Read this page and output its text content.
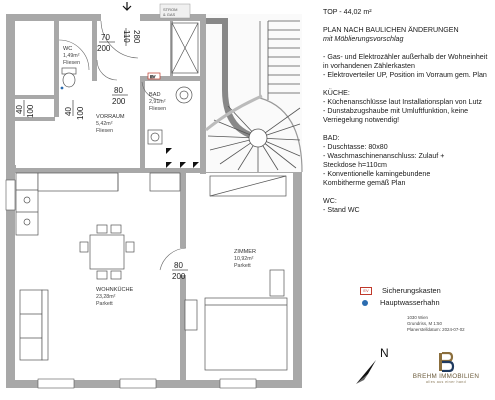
STROM
& GAS
EV
70
200
110 280
80
200
40 100	40 100
80
200
WC
1,49m²
Fliesen
VORRAUM
5,42m²
Fliesen
BAD
2,91m²
Fliesen
WOHNKÜCHE
23,28m²
Parkett
ZIMMER
10,92m²
Parkett
TOP - 44,02 m²
PLAN NACH BAULICHEN ÄNDERUNGEN
mit Möblierungsvorschlag
- Gas- und Elektrozähler außerhalb der Wohneinheit in vorhandenen Zählerkasten
- Elektroverteiler UP, Position im Vorraum gem. Plan
KÜCHE:
- Küchenanschlüsse laut Installationsplan von Lutz
- Dunstabzugshaube mit Umluftfunktion, keine Verriegelung notwendig!
BAD:
- Duschtasse: 80x80
- Waschmaschinenanschluss: Zulauf +
Steckdose h=110cm
- Konventionelle kamingebundene
Kombitherme gemäß Plan
WC:
- Stand WC
EV	Sicherungskasten
Hauptwasserhahn
1030 Wien
Grundriss, M 1:50
Planerstelldatum: 2024-07-02
N
BREHM IMMOBILIEN
alles aus einer hand
